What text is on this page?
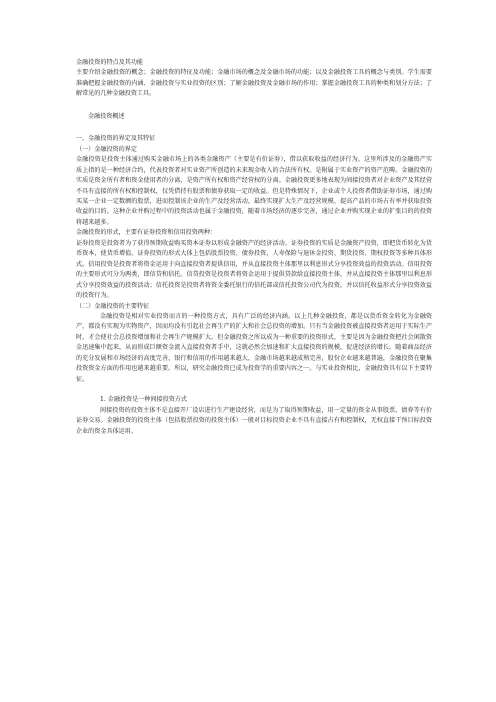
金融投资的特点及其功能

主要介绍金融投资的概念；金融投资的特征及功能；金融市场的概念及金融市场的功能；以及金融投资工具的概念与类别。学生需要准确把握金融投资的内涵、金融投资与实业投资的区别；了解金融投资及金融市场的作用；掌握金融投资工具的种类和划分方法；了解常见的几种金融投资工具。

金融投资概述

一、金融投资的界定及其特征

（一）金融投资的界定

金融投资是投资主体通过购买金融市场上的各类金融资产（主要是有价证券），借以获取收益的经济行为。这里所涉及的金融资产实质上指的是一种经济合约，代表投资者对实业资产所创造的未来现金收入的合法所有权。是附属于实业资产的资产范畴。金融投资的实质是资金所有者和资金使用者的分离，是资产所有权和资产经营权的分离。金融投资更多地表现为间接投资者对企业资产及其经营不具有直接的所有权和控制权，仅凭借持有股票和债券获取一定的收益。但是特殊情况下，企业或个人投资者借助证券市场，通过购买某一企业一定数额的股票，进而控制该企业的生产及经营活动，最终实现扩大生产及经营规模、提高产品的市场占有率并获取投资收益的目的。这种企业并购过程中的投资活动也属于金融投资，随着市场经济的逐步完善，通过企业并购实现企业的扩张目的的投资将越来越多。

金融投资的形式，主要有证券投资和信用投资两种：

证券投资是投资者为了获得预期收益购买资本证券以形成金融资产的经济活动。证券投资的实质是金融资产投资，即把货币转化为货币资本，使货币增值。证券投资的形式大体上包括股票投资、债券投资、人寿保险与退休金投资、期货投资、期权投资等多种具体形式。信用投资是投资者将资金运用于向直接投资者提供信用，并从直接投资主体那里以利息形式分享投资效益的投资活动。信用投资的主要形式可分为两类，即信贷和信托。信贷投资是投资者将资金运用于提供贷款给直接投资主体，并从直接投资主体那里以利息形式分享投资效益的投资活动；信托投资是投资者将资金委托银行的信托部或信托投资公司代为投资，并以信托收益形式分享投资效益的投资行为。

（二）金融投资的主要特征

金融投资是相对实业投资而言的一种投资方式，具有广泛的经济内涵。以上几种金融投资，都是以货币资金转化为金融资产，都没有实现为实物资产，因而均没有引起社会再生产的扩大和社会总投资的增加。只有当金融投资被直接投资者运用于实际生产时，才会使社会总投资增加和社会再生产规模扩大。但金融投资之所以成为一种重要的投资形式，主要是因为金融投资把社会闲散资金迅速集中起来，从而形成巨额资金流入直接投资者手中，这就必然会加速和扩大直接投资的规模，促进经济的增长。随着商品经济的充分发展和市场经济的高度完善，银行和信用的作用越来越大，金融市场越来越成熟完善，股份企业越来越普遍，金融投资在聚集投资资金方面的作用也越来越重要。所以，研究金融投资已成为投资学的重要内容之一。与实业投资相比，金融投资具有以下主要特征。

1. 金融投资是一种间接投资方式

间接投资的投资主体不是直接开厂设店进行生产建设经营，而是为了取得预期收益，用一定量的资金从事股票、债券等有价证券交易。金融投资的投资主体（包括股票投资的投资主体）一般对目标投资企业不具有直接占有和控制权，无权直接干预目标投资企业的资金具体运用。
